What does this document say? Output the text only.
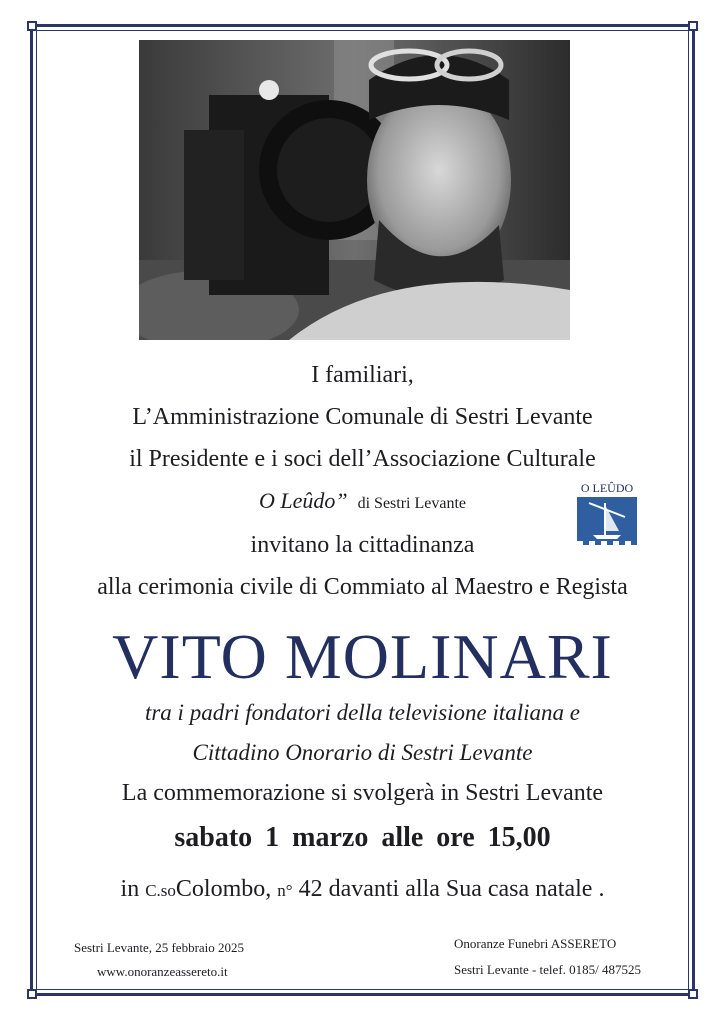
I familiari,
L’Amministrazione Comunale di Sestri Levante
il Presidente e i soci dell’Associazione Culturale
O Leûdo” di Sestri Levante
O LEÛDO
invitano la cittadinanza
alla cerimonia civile di Commiato al Maestro e Regista
VITO MOLINARI
tra i padri fondatori della televisione italiana e
Cittadino Onorario di Sestri Levante
La commemorazione si svolgerà in Sestri Levante
sabato 1 marzo alle ore 15,00
in C.soColombo, n° 42 davanti alla Sua casa natale .
Sestri Levante, 25 febbraio 2025
www.onoranzeassereto.it
Onoranze Funebri ASSERETO
Sestri Levante - telef. 0185/ 487525
